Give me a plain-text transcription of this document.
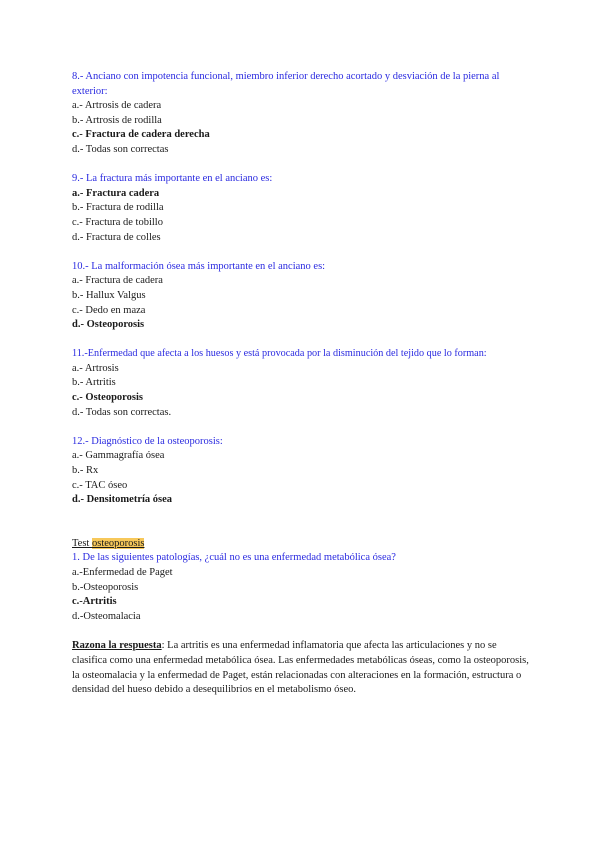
8.- Anciano con impotencia funcional, miembro inferior derecho acortado y desviación de la pierna al exterior:
a.- Artrosis de cadera
b.- Artrosis de rodilla
c.- Fractura de cadera derecha
d.- Todas son correctas
9.- La fractura más importante en el anciano es:
a.- Fractura cadera
b.- Fractura de rodilla
c.- Fractura de tobillo
d.- Fractura de colles
10.- La malformación ósea más importante en el anciano es:
a.- Fractura de cadera
b.- Hallux Valgus
c.- Dedo en maza
d.- Osteoporosis
11.-Enfermedad que afecta a los huesos y está provocada por la disminución del tejido que lo forman:
a.- Artrosis
b.- Artritis
c.- Osteoporosis
d.- Todas son correctas.
12.- Diagnóstico de la osteoporosis:
a.- Gammagrafía ósea
b.- Rx
c.- TAC óseo
d.- Densitometría ósea
Test osteoporosis
1. De las siguientes patologías, ¿cuál no es una enfermedad metabólica ósea?
a.-Enfermedad de Paget
b.-Osteoporosis
c.-Artritis
d.-Osteomalacia
Razona la respuesta: La artritis es una enfermedad inflamatoria que afecta las articulaciones y no se clasifica como una enfermedad metabólica ósea. Las enfermedades metabólicas óseas, como la osteoporosis, la osteomalacia y la enfermedad de Paget, están relacionadas con alteraciones en la formación, estructura o densidad del hueso debido a desequilibrios en el metabolismo óseo.
